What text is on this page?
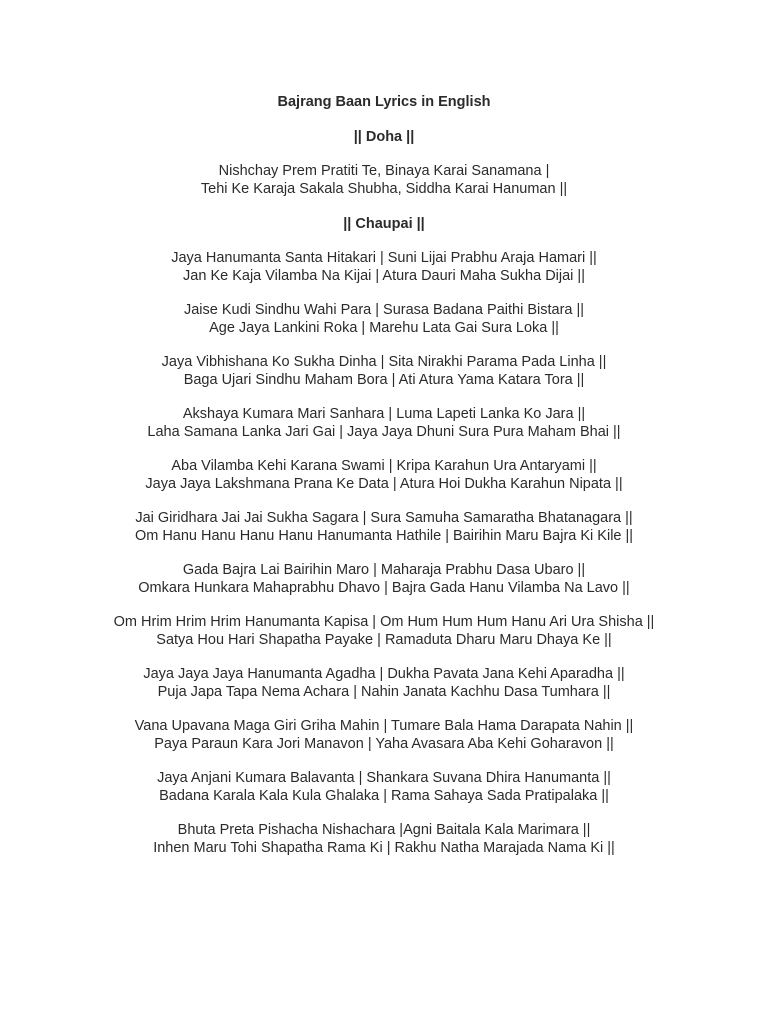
Bajrang Baan Lyrics in English
|| Doha ||
Nishchay Prem Pratiti Te, Binaya Karai Sanamana |
Tehi Ke Karaja Sakala Shubha, Siddha Karai Hanuman ||
|| Chaupai ||
Jaya Hanumanta Santa Hitakari | Suni Lijai Prabhu Araja Hamari ||
Jan Ke Kaja Vilamba Na Kijai | Atura Dauri Maha Sukha Dijai ||
Jaise Kudi Sindhu Wahi Para | Surasa Badana Paithi Bistara ||
Age Jaya Lankini Roka | Marehu Lata Gai Sura Loka ||
Jaya Vibhishana Ko Sukha Dinha | Sita Nirakhi Parama Pada Linha ||
Baga Ujari Sindhu Maham Bora | Ati Atura Yama Katara Tora ||
Akshaya Kumara Mari Sanhara | Luma Lapeti Lanka Ko Jara ||
Laha Samana Lanka Jari Gai | Jaya Jaya Dhuni Sura Pura Maham Bhai ||
Aba Vilamba Kehi Karana Swami | Kripa Karahun Ura Antaryami ||
Jaya Jaya Lakshmana Prana Ke Data | Atura Hoi Dukha Karahun Nipata ||
Jai Giridhara Jai Jai Sukha Sagara | Sura Samuha Samaratha Bhatanagara ||
Om Hanu Hanu Hanu Hanu Hanumanta Hathile | Bairihin Maru Bajra Ki Kile ||
Gada Bajra Lai Bairihin Maro | Maharaja Prabhu Dasa Ubaro ||
Omkara Hunkara Mahaprabhu Dhavo | Bajra Gada Hanu Vilamba Na Lavo ||
Om Hrim Hrim Hrim Hanumanta Kapisa | Om Hum Hum Hum Hanu Ari Ura Shisha ||
Satya Hou Hari Shapatha Payake | Ramaduta Dharu Maru Dhaya Ke ||
Jaya Jaya Jaya Hanumanta Agadha | Dukha Pavata Jana Kehi Aparadha ||
Puja Japa Tapa Nema Achara | Nahin Janata Kachhu Dasa Tumhara ||
Vana Upavana Maga Giri Griha Mahin | Tumare Bala Hama Darapata Nahin ||
Paya Paraun Kara Jori Manavon | Yaha Avasara Aba Kehi Goharavon ||
Jaya Anjani Kumara Balavanta | Shankara Suvana Dhira Hanumanta ||
Badana Karala Kala Kula Ghalaka | Rama Sahaya Sada Pratipalaka ||
Bhuta Preta Pishacha Nishachara |Agni Baitala Kala Marimara ||
Inhen Maru Tohi Shapatha Rama Ki | Rakhu Natha Marajada Nama Ki ||
